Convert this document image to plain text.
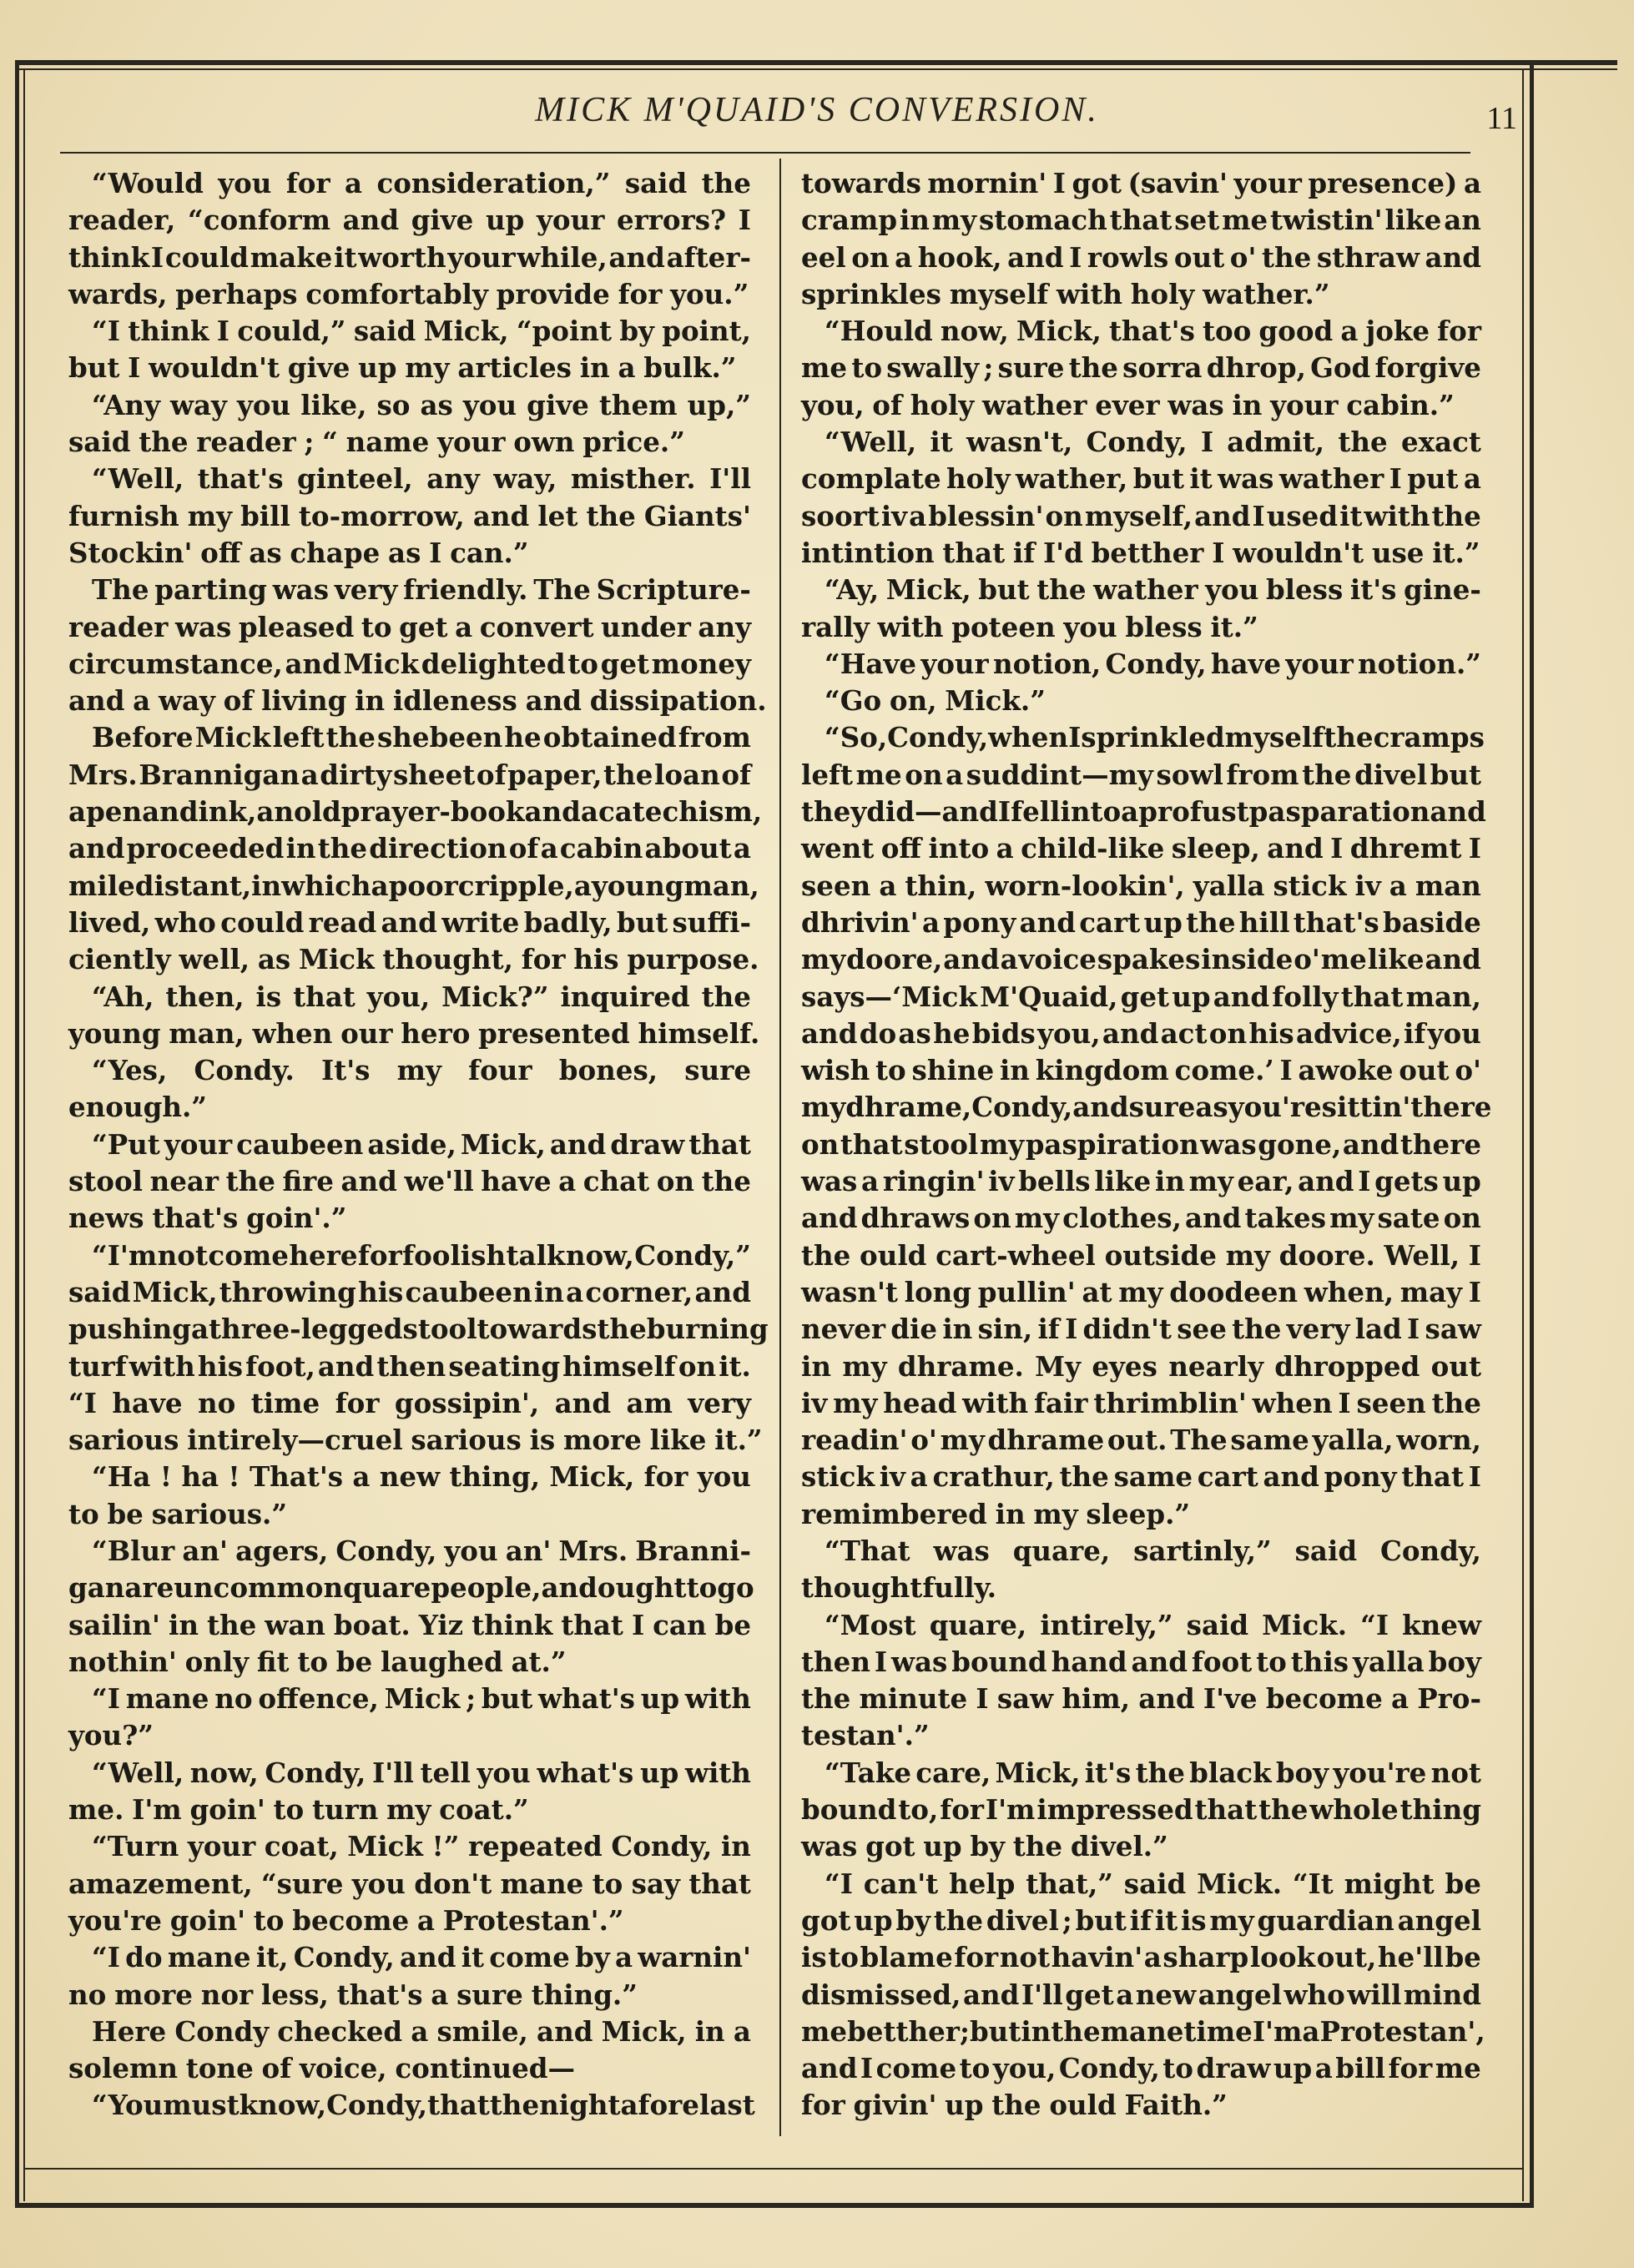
MICK M'QUAID'S CONVERSION.	11
“Would you for a consideration,” said the
reader, “conform and give up your errors? I
think I could make it worth your while, and after-
wards, perhaps comfortably provide for you.”
“I think I could,” said Mick, “point by point,
but I wouldn't give up my articles in a bulk.”
“Any way you like, so as you give them up,”
said the reader ; “ name your own price.”
“Well, that's ginteel, any way, misther. I'll
furnish my bill to-morrow, and let the Giants'
Stockin' off as chape as I can.”
The parting was very friendly. The Scripture-
reader was pleased to get a convert under any
circumstance, and Mick delighted to get money
and a way of living in idleness and dissipation.
Before Mick left the shebeen he obtained from
Mrs. Brannigan a dirty sheet of paper, the loan of
a pen and ink, an old prayer-book and a catechism,
and proceeded in the direction of a cabin about a
mile distant, in which a poor cripple, a young man,
lived, who could read and write badly, but suffi-
ciently well, as Mick thought, for his purpose.
“Ah, then, is that you, Mick?” inquired the
young man, when our hero presented himself.
“Yes, Condy. It's my four bones, sure
enough.”
“Put your caubeen aside, Mick, and draw that
stool near the fire and we'll have a chat on the
news that's goin'.”
“I'm not come here for foolish talk now, Condy,”
said Mick, throwing his caubeen in a corner, and
pushing a three-legged stool towards the burning
turf with his foot, and then seating himself on it.
“I have no time for gossipin', and am very
sarious intirely—cruel sarious is more like it.”
“Ha ! ha ! That's a new thing, Mick, for you
to be sarious.”
“Blur an' agers, Condy, you an' Mrs. Branni-
gan are uncommon quare people, and ought to go
sailin' in the wan boat. Yiz think that I can be
nothin' only fit to be laughed at.”
“I mane no offence, Mick ; but what's up with
you?”
“Well, now, Condy, I'll tell you what's up with
me. I'm goin' to turn my coat.”
“Turn your coat, Mick !” repeated Condy, in
amazement, “sure you don't mane to say that
you're goin' to become a Protestan'.”
“I do mane it, Condy, and it come by a warnin'
no more nor less, that's a sure thing.”
Here Condy checked a smile, and Mick, in a
solemn tone of voice, continued—
“You must know, Condy, that the night afore last
towards mornin' I got (savin' your presence) a
cramp in my stomach that set me twistin' like an
eel on a hook, and I rowls out o' the sthraw and
sprinkles myself with holy wather.”
“Hould now, Mick, that's too good a joke for
me to swally ; sure the sorra dhrop, God forgive
you, of holy wather ever was in your cabin.”
“Well, it wasn't, Condy, I admit, the exact
complate holy wather, but it was wather I put a
soort iv a blessin' on myself, and I used it with the
intintion that if I'd betther I wouldn't use it.”
“Ay, Mick, but the wather you bless it's gine-
rally with poteen you bless it.”
“Have your notion, Condy, have your notion.”
“Go on, Mick.”
“So, Condy, when I sprinkled myself the cramps
left me on a suddint—my sowl from the divel but
they did—and I fell into a profust pasparation and
went off into a child-like sleep, and I dhremt I
seen a thin, worn-lookin', yalla stick iv a man
dhrivin' a pony and cart up the hill that's baside
my doore, and a voice spakes inside o' me like and
says—‘Mick M'Quaid, get up and folly that man,
and do as he bids you, and act on his advice, if you
wish to shine in kingdom come.’ I awoke out o'
my dhrame, Condy, and sure as you're sittin' there
on that stool my paspiration was gone, and there
was a ringin' iv bells like in my ear, and I gets up
and dhraws on my clothes, and takes my sate on
the ould cart-wheel outside my doore. Well, I
wasn't long pullin' at my doodeen when, may I
never die in sin, if I didn't see the very lad I saw
in my dhrame. My eyes nearly dhropped out
iv my head with fair thrimblin' when I seen the
readin' o' my dhrame out. The same yalla, worn,
stick iv a crathur, the same cart and pony that I
remimbered in my sleep.”
“That was quare, sartinly,” said Condy,
thoughtfully.
“Most quare, intirely,” said Mick. “I knew
then I was bound hand and foot to this yalla boy
the minute I saw him, and I've become a Pro-
testan'.”
“Take care, Mick, it's the black boy you're not
bound to, for I'm impressed that the whole thing
was got up by the divel.”
“I can't help that,” said Mick. “It might be
got up by the divel ; but if it is my guardian angel
is to blame for not havin' a sharp look out, he'll be
dismissed, and I'll get a new angel who will mind
me betther ; but in the mane time I'm a Protestan',
and I come to you, Condy, to draw up a bill for me
for givin' up the ould Faith.”
